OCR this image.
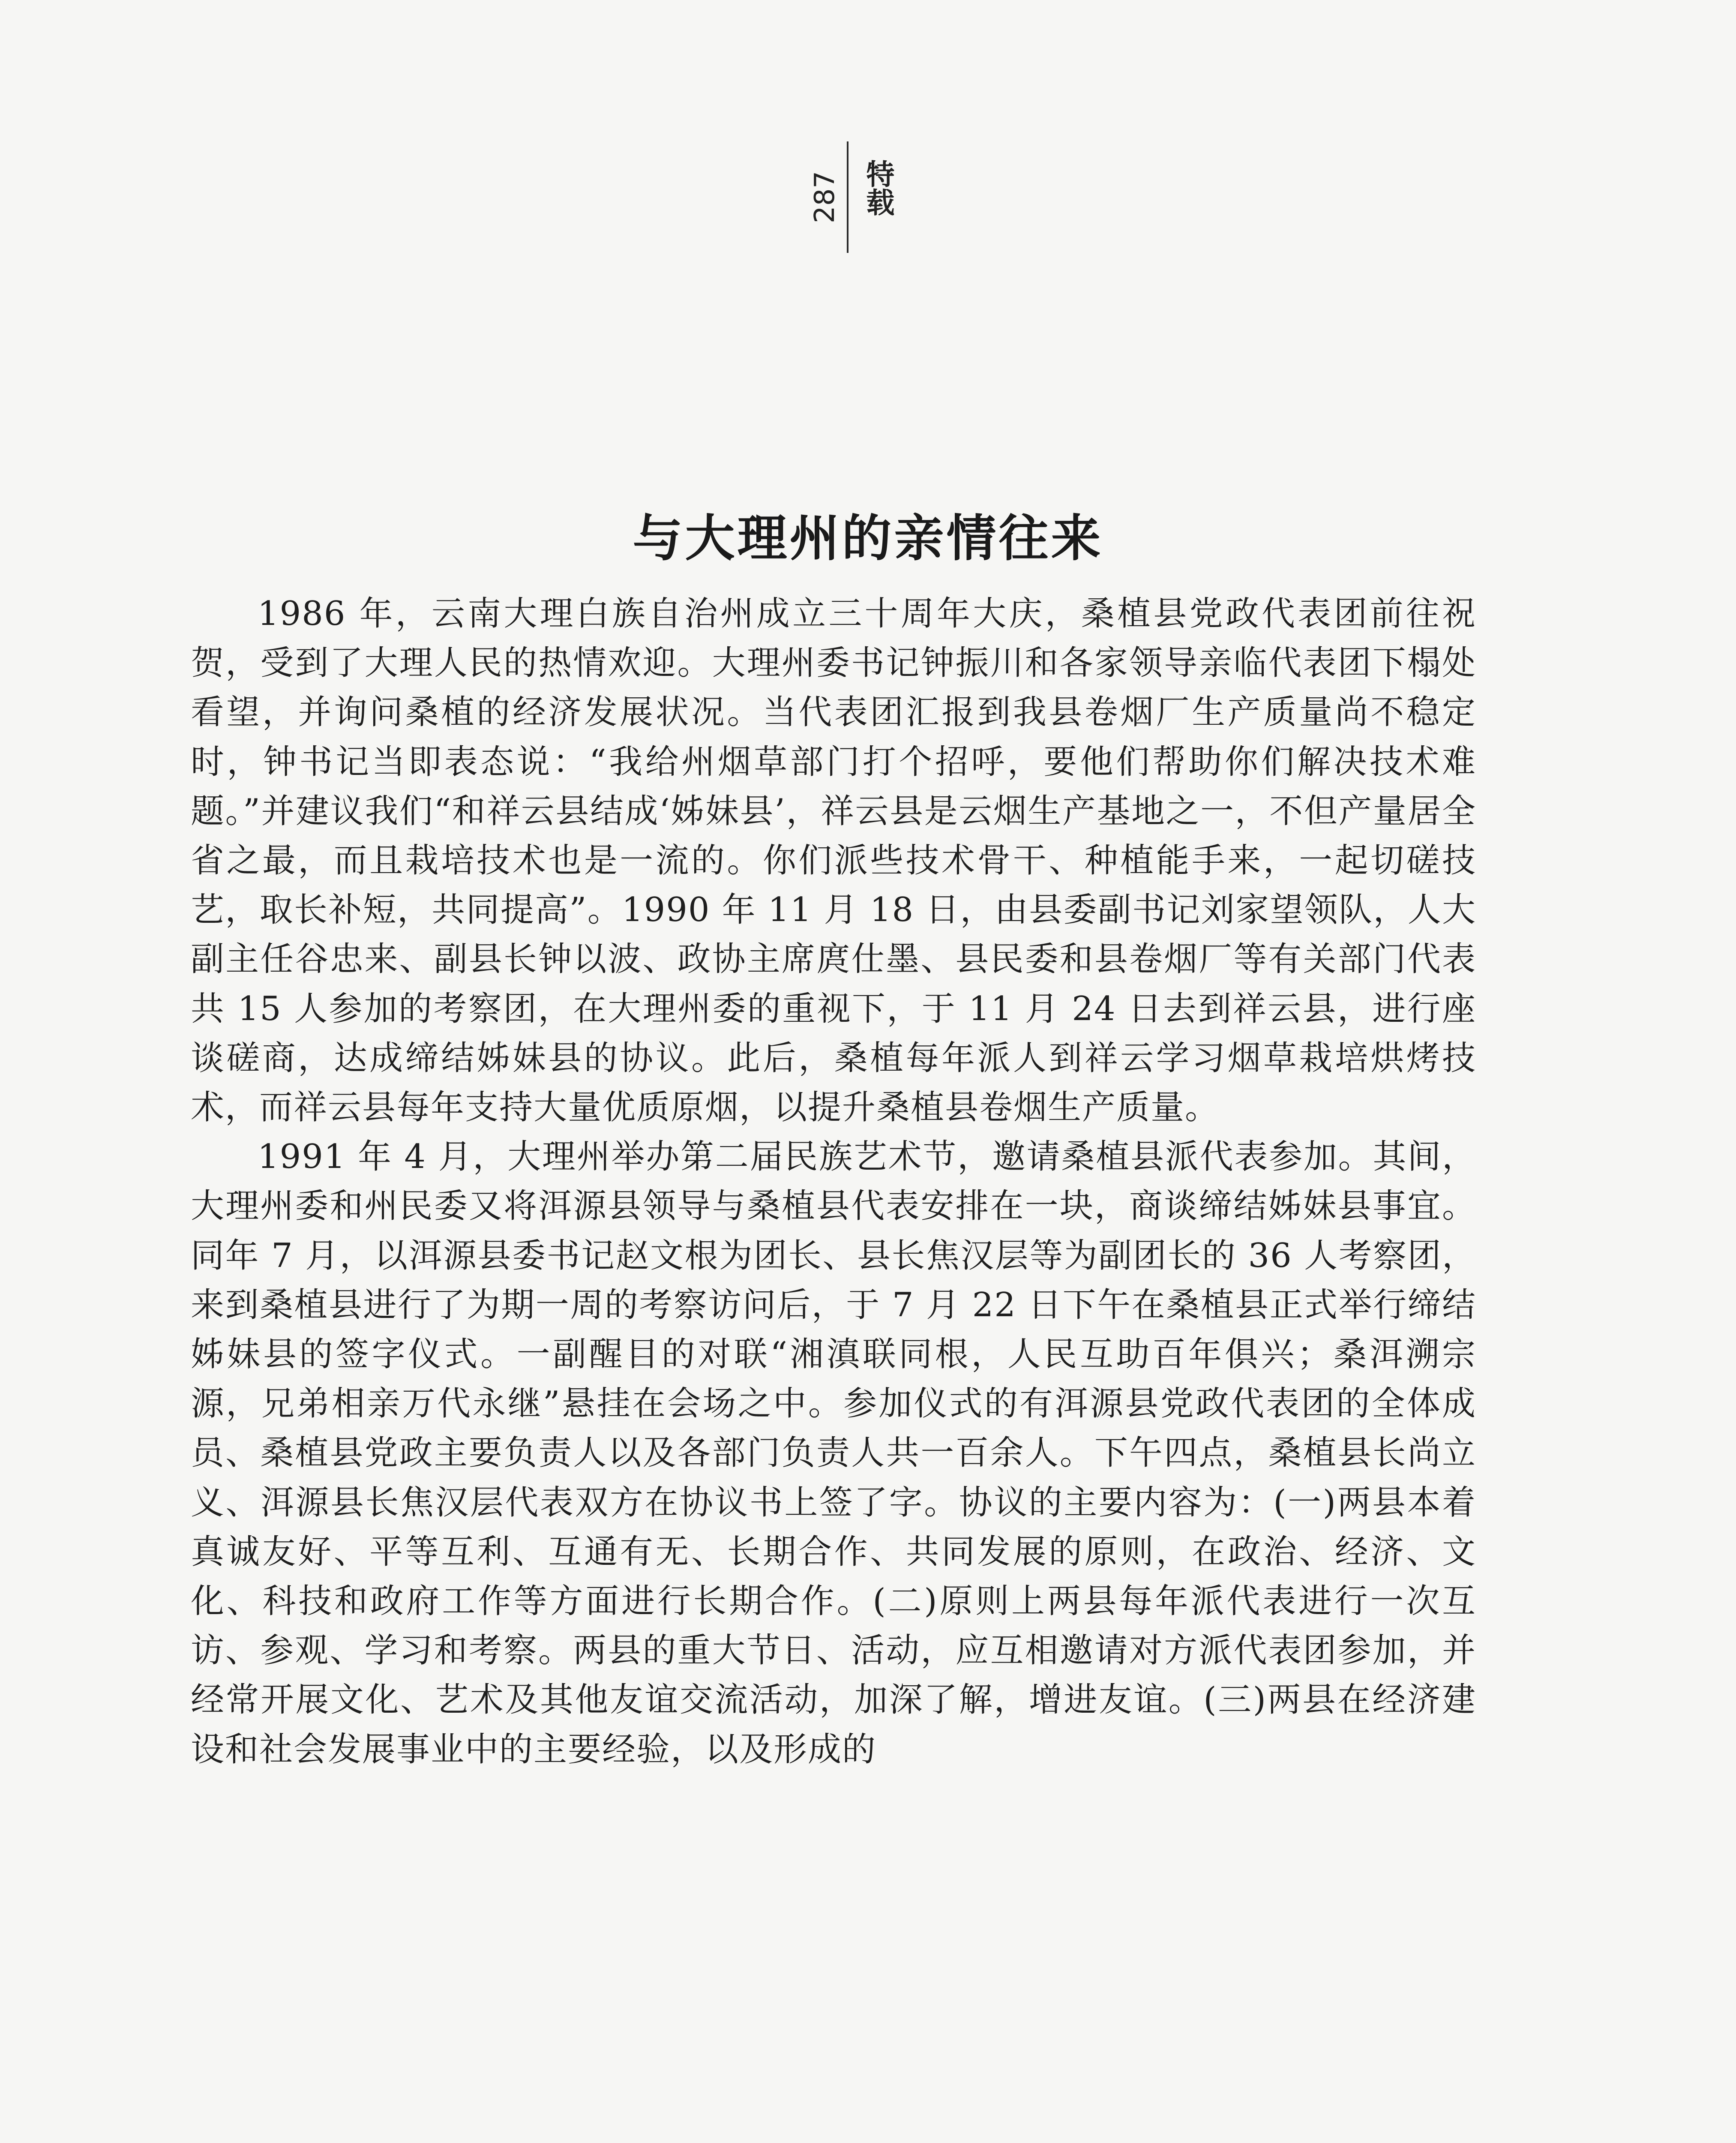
287 特载
与大理州的亲情往来

1986 年，云南大理白族自治州成立三十周年大庆，桑植县党政代表团前往祝贺，受到了大理人民的热情欢迎。大理州委书记钟振川和各家领导亲临代表团下榻处看望，并询问桑植的经济发展状况。当代表团汇报到我县卷烟厂生产质量尚不稳定时，钟书记当即表态说：“我给州烟草部门打个招呼，要他们帮助你们解决技术难题。”并建议我们“和祥云县结成‘姊妹县’，祥云县是云烟生产基地之一，不但产量居全省之最，而且栽培技术也是一流的。你们派些技术骨干、种植能手来，一起切磋技艺，取长补短，共同提高”。1990 年 11 月 18 日，由县委副书记刘家望领队，人大副主任谷忠来、副县长钟以波、政协主席庹仕墨、县民委和县卷烟厂等有关部门代表共 15 人参加的考察团，在大理州委的重视下，于 11 月 24 日去到祥云县，进行座谈磋商，达成缔结姊妹县的协议。此后，桑植每年派人到祥云学习烟草栽培烘烤技术，而祥云县每年支持大量优质原烟，以提升桑植县卷烟生产质量。

1991 年 4 月，大理州举办第二届民族艺术节，邀请桑植县派代表参加。其间，大理州委和州民委又将洱源县领导与桑植县代表安排在一块，商谈缔结姊妹县事宜。同年 7 月，以洱源县委书记赵文根为团长、县长焦汉层等为副团长的 36 人考察团，来到桑植县进行了为期一周的考察访问后，于 7 月 22 日下午在桑植县正式举行缔结姊妹县的签字仪式。一副醒目的对联“湘滇联同根，人民互助百年俱兴；桑洱溯宗源，兄弟相亲万代永继”悬挂在会场之中。参加仪式的有洱源县党政代表团的全体成员、桑植县党政主要负责人以及各部门负责人共一百余人。下午四点，桑植县长尚立义、洱源县长焦汉层代表双方在协议书上签了字。协议的主要内容为：(一)两县本着真诚友好、平等互利、互通有无、长期合作、共同发展的原则，在政治、经济、文化、科技和政府工作等方面进行长期合作。(二)原则上两县每年派代表进行一次互访、参观、学习和考察。两县的重大节日、活动，应互相邀请对方派代表团参加，并经常开展文化、艺术及其他友谊交流活动，加深了解，增进友谊。(三)两县在经济建设和社会发展事业中的主要经验，以及形成的
